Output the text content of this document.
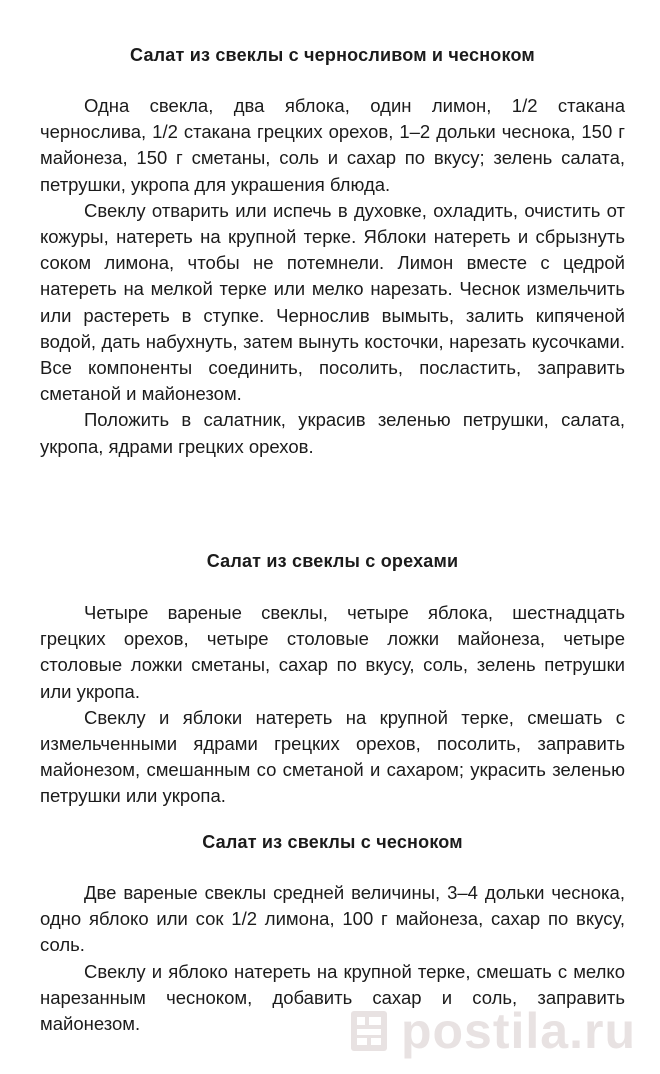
Салат из свеклы с черносливом и чесноком

Одна свекла, два яблока, один лимон, 1/2 стакана чернослива, 1/2 стакана грецких орехов, 1–2 дольки чеснока, 150 г майонеза, 150 г сметаны, соль и сахар по вкусу; зелень салата, петрушки, укропа для украшения блюда.

Свеклу отварить или испечь в духовке, охладить, очистить от кожуры, натереть на крупной терке. Яблоки натереть и сбрызнуть соком лимона, чтобы не потемнели. Лимон вместе с цедрой натереть на мелкой терке или мелко нарезать. Чеснок измельчить или растереть в ступке. Чернослив вымыть, залить кипяченой водой, дать набухнуть, затем вынуть косточки, нарезать кусочками. Все компоненты соединить, посолить, посластить, заправить сметаной и майонезом.

Положить в салатник, украсив зеленью петрушки, салата, укропа, ядрами грецких орехов.

Салат из свеклы с орехами

Четыре вареные свеклы, четыре яблока, шестнадцать грецких орехов, четыре столовые ложки майонеза, четыре столовые ложки сметаны, сахар по вкусу, соль, зелень петрушки или укропа.

Свеклу и яблоки натереть на крупной терке, смешать с измельченными ядрами грецких орехов, посолить, заправить майонезом, смешанным со сметаной и сахаром; украсить зеленью петрушки или укропа.

Салат из свеклы с чесноком

Две вареные свеклы средней величины, 3–4 дольки чеснока, одно яблоко или сок 1/2 лимона, 100 г майонеза, сахар по вкусу, соль.

Свеклу и яблоко натереть на крупной терке, смешать с мелко нарезанным чесноком, добавить сахар и соль, заправить майонезом.	postila.ru
